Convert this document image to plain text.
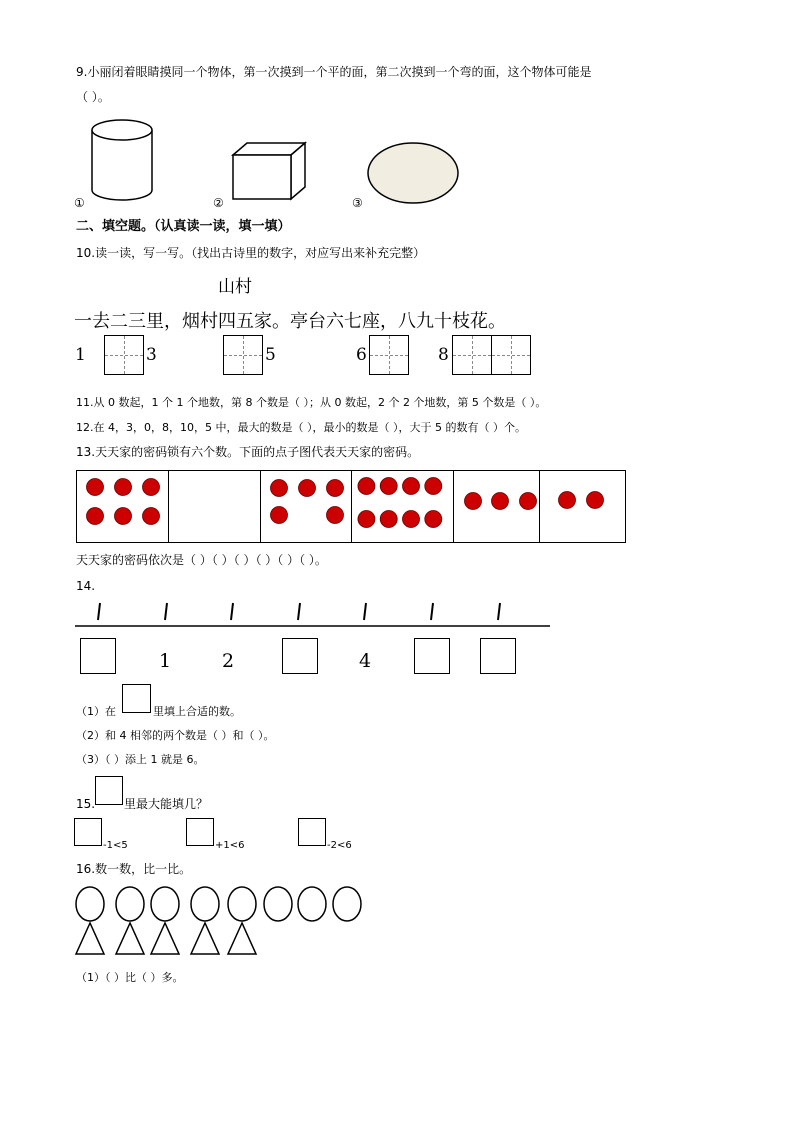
9.小丽闭着眼睛摸同一个物体，第一次摸到一个平的面，第二次摸到一个弯的面，这个物体可能是
（ ）。
①	②	③
二、填空题。（认真读一读，填一填）
10.读一读，写一写。（找出古诗里的数字，对应写出来补充完整）
山村
一去二三里，烟村四五家。亭台六七座，八九十枝花。
1	3	5	6	8
11.从 0 数起，1 个 1 个地数，第 8 个数是（ ）；从 0 数起，2 个 2 个地数，第 5 个数是（ ）。
12.在 4，3，0，8，10，5 中，最大的数是（ ），最小的数是（ ），大于 5 的数有（ ）个。
13.天天家的密码锁有六个数。下面的点子图代表天天家的密码。
天天家的密码依次是（ ）（ ）（ ）（ ）（ ）（ ）。
14.
1	2	4
（1）在	里填上合适的数。
（2）和 4 相邻的两个数是（ ）和（ ）。
（3）（ ）添上 1 就是 6。
15. 里最大能填几？
-1<5	+1<6	-2<6
16.数一数，比一比。
（1）（ ）比（ ）多。
